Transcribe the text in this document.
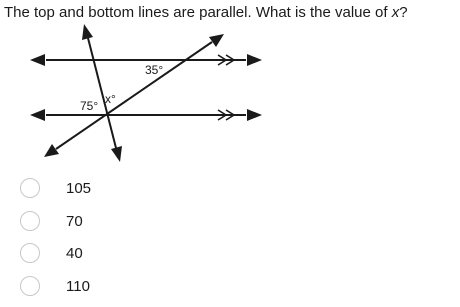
The top and bottom lines are parallel. What is the value of x?
35°
75° x°
105
70
40
110
